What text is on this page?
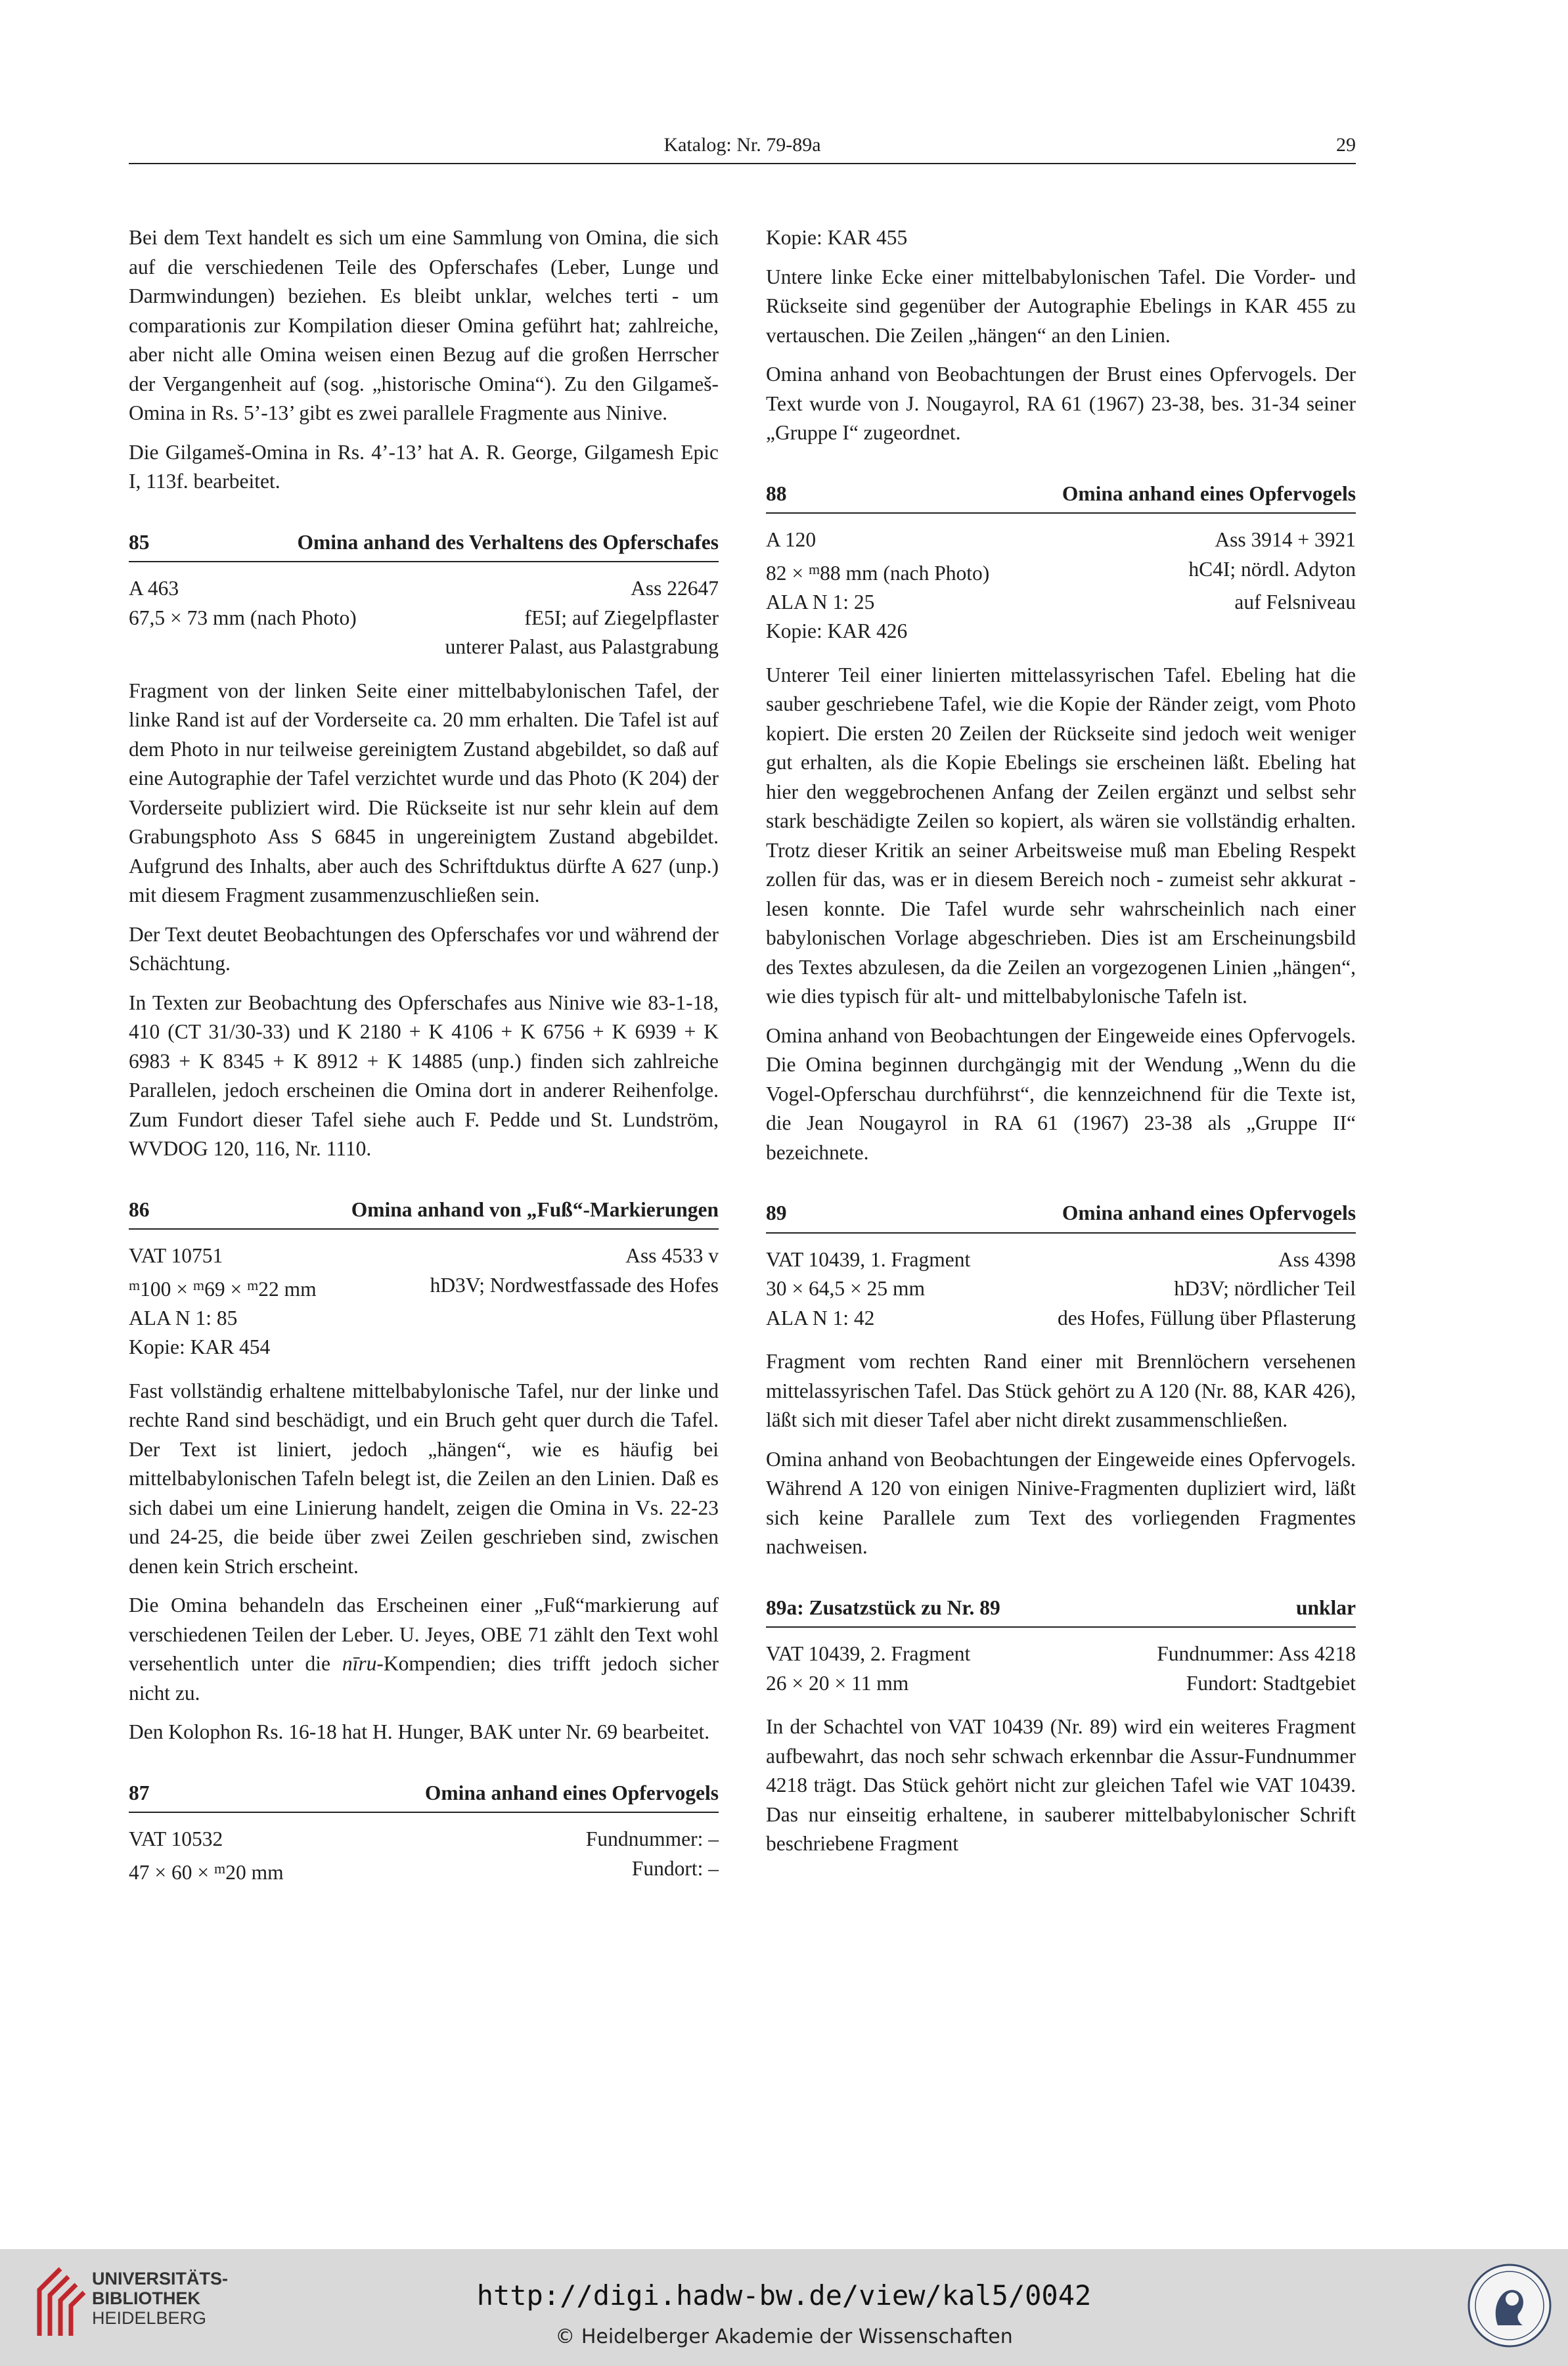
Katalog: Nr. 79-89a	29

Bei dem Text handelt es sich um eine Sammlung von Omina, die sich auf die verschiedenen Teile des Opferschafes (Leber, Lunge und Darmwindungen) beziehen. Es bleibt unklar, welches terti - um comparationis zur Kompilation dieser Omina geführt hat; zahlreiche, aber nicht alle Omina weisen einen Bezug auf die großen Herrscher der Vergangenheit auf (sog. „historische Omina“). Zu den Gilgameš-Omina in Rs. 5’-13’ gibt es zwei parallele Fragmente aus Ninive.

Die Gilgameš-Omina in Rs. 4’-13’ hat A. R. George, Gilgamesh Epic I, 113f. bearbeitet.

85	Omina anhand des Verhaltens des Opferschafes
A 463	Ass 22647
67,5 × 73 mm (nach Photo)	fE5I; auf Ziegelpflaster
unterer Palast, aus Palastgrabung

Fragment von der linken Seite einer mittelbabylonischen Tafel, der linke Rand ist auf der Vorderseite ca. 20 mm erhalten. Die Tafel ist auf dem Photo in nur teilweise gereinigtem Zustand abgebildet, so daß auf eine Autographie der Tafel verzichtet wurde und das Photo (K 204) der Vorderseite publiziert wird. Die Rückseite ist nur sehr klein auf dem Grabungsphoto Ass S 6845 in ungereinigtem Zustand abgebildet. Aufgrund des Inhalts, aber auch des Schriftduktus dürfte A 627 (unp.) mit diesem Fragment zusammenzuschließen sein.

Der Text deutet Beobachtungen des Opferschafes vor und während der Schächtung.

In Texten zur Beobachtung des Opferschafes aus Ninive wie 83-1-18, 410 (CT 31/30-33) und K 2180 + K 4106 + K 6756 + K 6939 + K 6983 + K 8345 + K 8912 + K 14885 (unp.) finden sich zahlreiche Parallelen, jedoch erscheinen die Omina dort in anderer Reihenfolge. Zum Fundort dieser Tafel siehe auch F. Pedde und St. Lundström, WVDOG 120, 116, Nr. 1110.

86	Omina anhand von „Fuß“-Markierungen
VAT 10751	Ass 4533 v
$^m$100 × $^m$69 × $^m$22 mm	hD3V; Nordwestfassade des Hofes
ALA N 1: 85
Kopie: KAR 454

Fast vollständig erhaltene mittelbabylonische Tafel, nur der linke und rechte Rand sind beschädigt, und ein Bruch geht quer durch die Tafel. Der Text ist liniert, jedoch „hängen“, wie es häufig bei mittelbabylonischen Tafeln belegt ist, die Zeilen an den Linien. Daß es sich dabei um eine Linierung handelt, zeigen die Omina in Vs. 22-23 und 24-25, die beide über zwei Zeilen geschrieben sind, zwischen denen kein Strich erscheint.

Die Omina behandeln das Erscheinen einer „Fuß“markierung auf verschiedenen Teilen der Leber. U. Jeyes, OBE 71 zählt den Text wohl versehentlich unter die nīru-Kompendien; dies trifft jedoch sicher nicht zu.

Den Kolophon Rs. 16-18 hat H. Hunger, BAK unter Nr. 69 bearbeitet.

87	Omina anhand eines Opfervogels
VAT 10532	Fundnummer: –
47 × 60 × $^m$20 mm	Fundort: –

Kopie: KAR 455

Untere linke Ecke einer mittelbabylonischen Tafel. Die Vorder- und Rückseite sind gegenüber der Autographie Ebelings in KAR 455 zu vertauschen. Die Zeilen „hängen“ an den Linien.

Omina anhand von Beobachtungen der Brust eines Opfervogels. Der Text wurde von J. Nougayrol, RA 61 (1967) 23-38, bes. 31-34 seiner „Gruppe I“ zugeordnet.

88	Omina anhand eines Opfervogels
A 120	Ass 3914 + 3921
82 × $^m$88 mm (nach Photo)	hC4I; nördl. Adyton
ALA N 1: 25	auf Felsniveau
Kopie: KAR 426

Unterer Teil einer linierten mittelassyrischen Tafel. Ebeling hat die sauber geschriebene Tafel, wie die Kopie der Ränder zeigt, vom Photo kopiert. Die ersten 20 Zeilen der Rückseite sind jedoch weit weniger gut erhalten, als die Kopie Ebelings sie erscheinen läßt. Ebeling hat hier den weggebrochenen Anfang der Zeilen ergänzt und selbst sehr stark beschädigte Zeilen so kopiert, als wären sie vollständig erhalten. Trotz dieser Kritik an seiner Arbeitsweise muß man Ebeling Respekt zollen für das, was er in diesem Bereich noch - zumeist sehr akkurat - lesen konnte. Die Tafel wurde sehr wahrscheinlich nach einer babylonischen Vorlage abgeschrieben. Dies ist am Erscheinungsbild des Textes abzulesen, da die Zeilen an vorgezogenen Linien „hängen“, wie dies typisch für alt- und mittelbabylonische Tafeln ist.

Omina anhand von Beobachtungen der Eingeweide eines Opfervogels. Die Omina beginnen durchgängig mit der Wendung „Wenn du die Vogel-Opferschau durchführst“, die kennzeichnend für die Texte ist, die Jean Nougayrol in RA 61 (1967) 23-38 als „Gruppe II“ bezeichnete.

89	Omina anhand eines Opfervogels
VAT 10439, 1. Fragment	Ass 4398
30 × 64,5 × 25 mm	hD3V; nördlicher Teil
ALA N 1: 42	des Hofes, Füllung über Pflasterung

Fragment vom rechten Rand einer mit Brennlöchern versehenen mittelassyrischen Tafel. Das Stück gehört zu A 120 (Nr. 88, KAR 426), läßt sich mit dieser Tafel aber nicht direkt zusammenschließen.

Omina anhand von Beobachtungen der Eingeweide eines Opfervogels. Während A 120 von einigen Ninive-Fragmenten dupliziert wird, läßt sich keine Parallele zum Text des vorliegenden Fragmentes nachweisen.

89a: Zusatzstück zu Nr. 89	unklar
VAT 10439, 2. Fragment	Fundnummer: Ass 4218
26 × 20 × 11 mm	Fundort: Stadtgebiet

In der Schachtel von VAT 10439 (Nr. 89) wird ein weiteres Fragment aufbewahrt, das noch sehr schwach erkennbar die Assur-Fundnummer 4218 trägt. Das Stück gehört nicht zur gleichen Tafel wie VAT 10439. Das nur einseitig erhaltene, in sauberer mittelbabylonischer Schrift beschriebene Fragment

UNIVERSITÄTS-
BIBLIOTHEK
HEIDELBERG
http://digi.hadw-bw.de/view/kal5/0042
© Heidelberger Akademie der Wissenschaften
